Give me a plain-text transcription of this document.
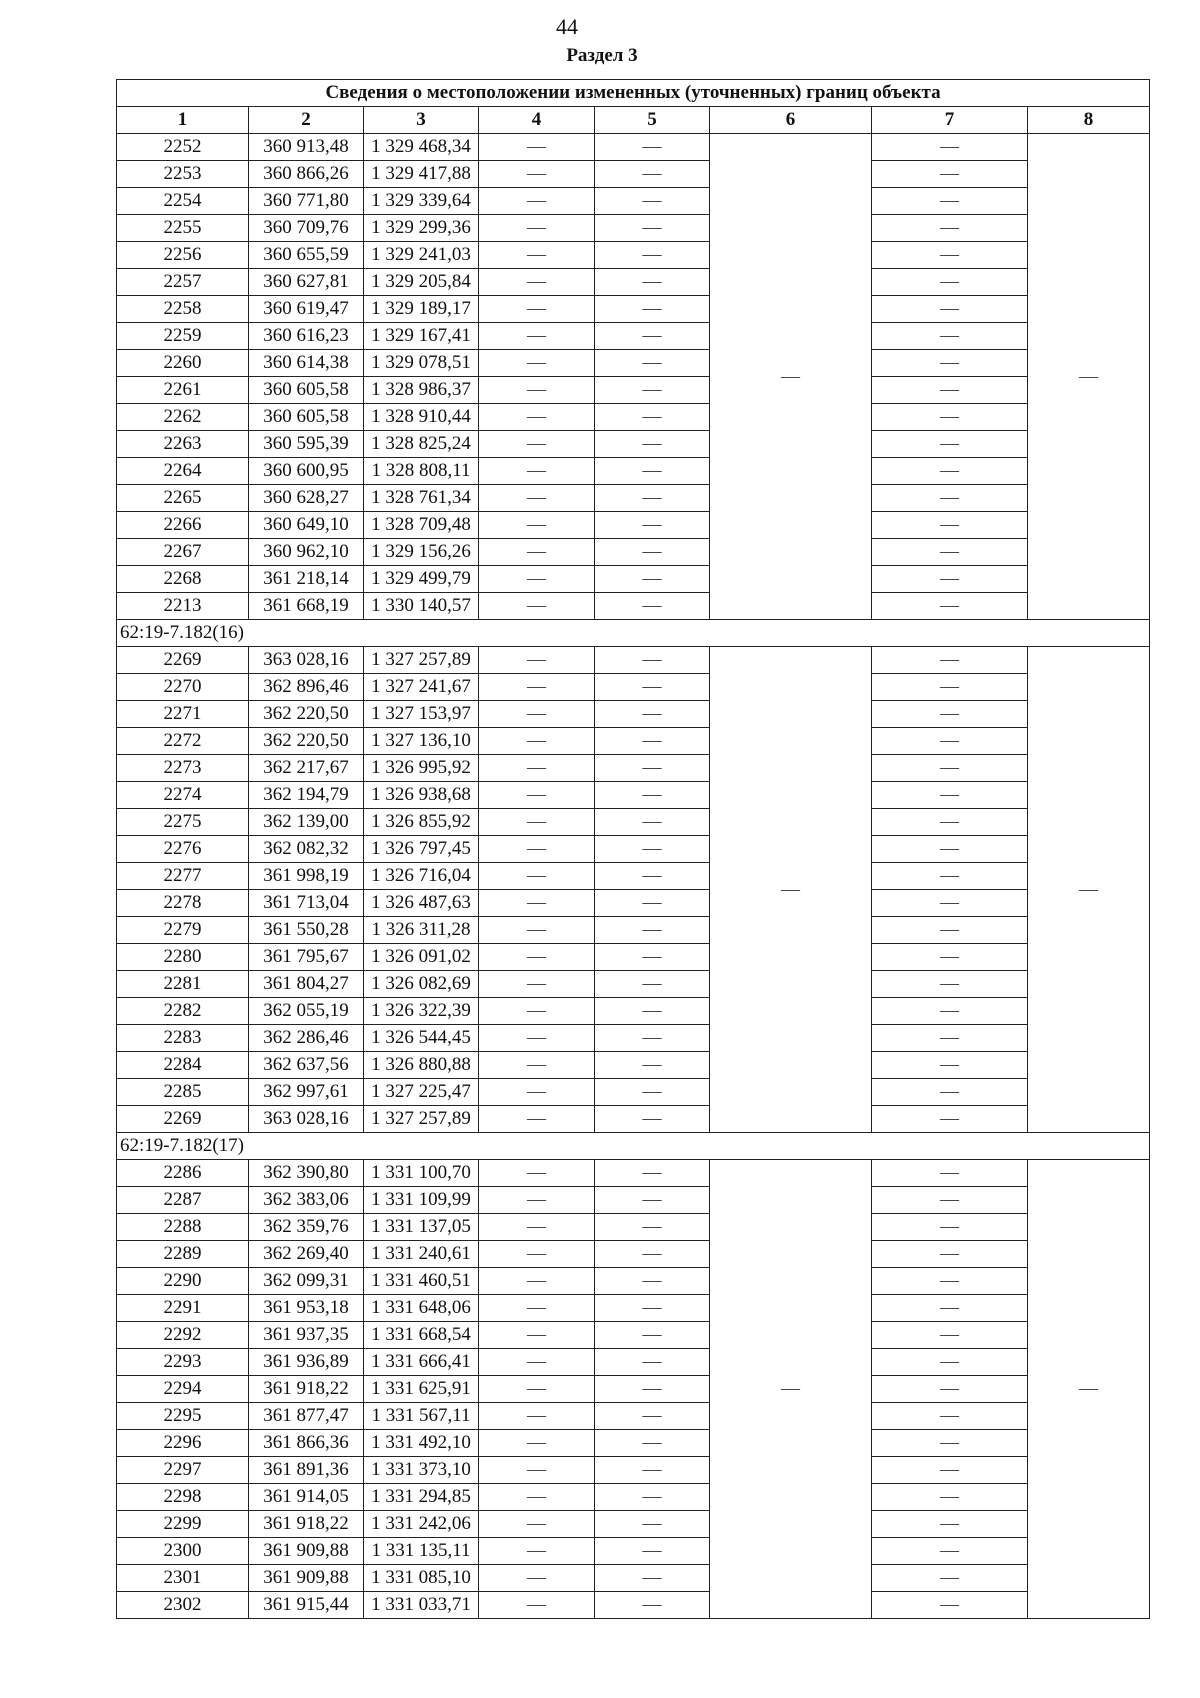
44
Раздел 3
Сведения о местоположении измененных (уточненных) границ объекта							
1	2	3	4	5	6	7	8
2252	360 913,48	1 329 468,34	—	—	—	—	—
2253	360 866,26	1 329 417,88	—	—		—	
2254	360 771,80	1 329 339,64	—	—		—	
2255	360 709,76	1 329 299,36	—	—		—	
2256	360 655,59	1 329 241,03	—	—		—	
2257	360 627,81	1 329 205,84	—	—		—	
2258	360 619,47	1 329 189,17	—	—		—	
2259	360 616,23	1 329 167,41	—	—		—	
2260	360 614,38	1 329 078,51	—	—		—	
2261	360 605,58	1 328 986,37	—	—		—	
2262	360 605,58	1 328 910,44	—	—		—	
2263	360 595,39	1 328 825,24	—	—		—	
2264	360 600,95	1 328 808,11	—	—		—	
2265	360 628,27	1 328 761,34	—	—		—	
2266	360 649,10	1 328 709,48	—	—		—	
2267	360 962,10	1 329 156,26	—	—		—	
2268	361 218,14	1 329 499,79	—	—		—	
2213	361 668,19	1 330 140,57	—	—		—	
62:19-7.182(16)							
2269	363 028,16	1 327 257,89	—	—	—	—	—
2270	362 896,46	1 327 241,67	—	—		—	
2271	362 220,50	1 327 153,97	—	—		—	
2272	362 220,50	1 327 136,10	—	—		—	
2273	362 217,67	1 326 995,92	—	—		—	
2274	362 194,79	1 326 938,68	—	—		—	
2275	362 139,00	1 326 855,92	—	—		—	
2276	362 082,32	1 326 797,45	—	—		—	
2277	361 998,19	1 326 716,04	—	—		—	
2278	361 713,04	1 326 487,63	—	—		—	
2279	361 550,28	1 326 311,28	—	—		—	
2280	361 795,67	1 326 091,02	—	—		—	
2281	361 804,27	1 326 082,69	—	—		—	
2282	362 055,19	1 326 322,39	—	—		—	
2283	362 286,46	1 326 544,45	—	—		—	
2284	362 637,56	1 326 880,88	—	—		—	
2285	362 997,61	1 327 225,47	—	—		—	
2269	363 028,16	1 327 257,89	—	—		—	
62:19-7.182(17)							
2286	362 390,80	1 331 100,70	—	—	—	—	—
2287	362 383,06	1 331 109,99	—	—		—	
2288	362 359,76	1 331 137,05	—	—		—	
2289	362 269,40	1 331 240,61	—	—		—	
2290	362 099,31	1 331 460,51	—	—		—	
2291	361 953,18	1 331 648,06	—	—		—	
2292	361 937,35	1 331 668,54	—	—		—	
2293	361 936,89	1 331 666,41	—	—		—	
2294	361 918,22	1 331 625,91	—	—		—	
2295	361 877,47	1 331 567,11	—	—		—	
2296	361 866,36	1 331 492,10	—	—		—	
2297	361 891,36	1 331 373,10	—	—		—	
2298	361 914,05	1 331 294,85	—	—		—	
2299	361 918,22	1 331 242,06	—	—		—	
2300	361 909,88	1 331 135,11	—	—		—	
2301	361 909,88	1 331 085,10	—	—		—	
2302	361 915,44	1 331 033,71	—	—		—	
